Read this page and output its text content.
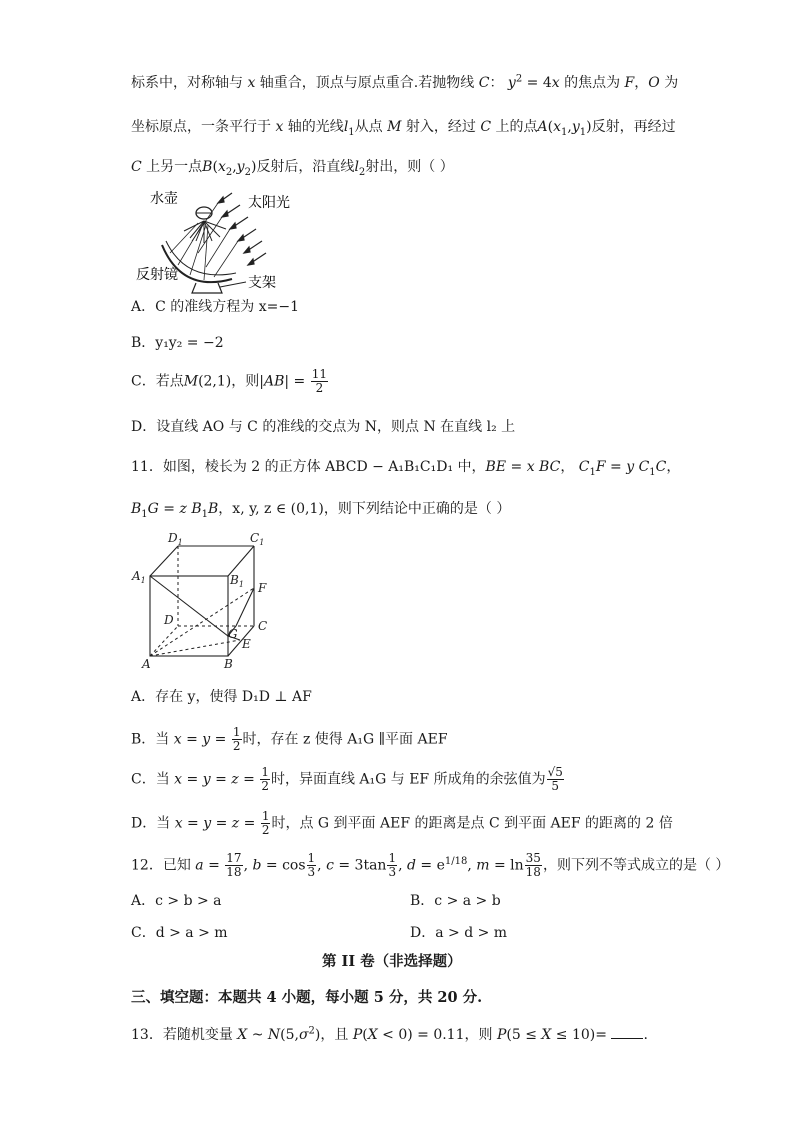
标系中，对称轴与 x 轴重合，顶点与原点重合.若抛物线 C： $y^2 = 4x$ 的焦点为 F，O 为
坐标原点，一条平行于 x 轴的光线$l_1$从点 M 射入，经过 C 上的点$A(x_1,y_1)$反射，再经过
C 上另一点$B(x_2,y_2)$反射后，沿直线$l_2$射出，则（ ）
水壶	太阳光
反射镜	支架
A．C 的准线方程为 x=−1
B．y₁y₂ = −2
C．若点M(2,1)，则$|AB| = \frac{11}{2}$
D．设直线 AO 与 C 的准线的交点为 N，则点 N 在直线 l₂ 上
11．如图，棱长为 2 的正方体 ABCD − A₁B₁C₁D₁ 中，BE = x BC， $C_1F = y$ $C_1C$，
$B_1G = z$ $B_1B$，x, y, z ∈ (0,1)，则下列结论中正确的是（ ）
$D_1$	$C_1$
$A_1$	$B_1$ F
D
G
C
E
A	B
A．存在 y，使得 D₁D ⊥ AF
B．当 $x = y = \frac{1}{2}$ 时，存在 z 使得 A₁G ∥平面 AEF
C．当 $x = y = z = \frac{1}{2}$ 时，异面直线 A₁G 与 EF 所成角的余弦值为 $\frac{√5}{5}$
D．当 $x = y = z = \frac{1}{2}$ 时，点 G 到平面 AEF 的距离是点 C 到平面 AEF 的距离的 2 倍
12．已知 $a = \frac{17}{18}$ , $b = \cos \frac{1}{3}$ , $c = 3\tan \frac{1}{3}$ , $d = e^{1/18}$, $m = \ln \frac{35}{18}$ ，则下列不等式成立的是（ ）
A．c > b > a	B．c > a > b
C．d > a > m	D．a > d > m
第 II 卷（非选择题）
三、填空题：本题共 4 小题，每小题 5 分，共 20 分.
13．若随机变量 X ~ $N(5,\sigma^2)$，且 P(X < 0) = 0.11，则 P(5 ≤ X ≤ 10)= .
